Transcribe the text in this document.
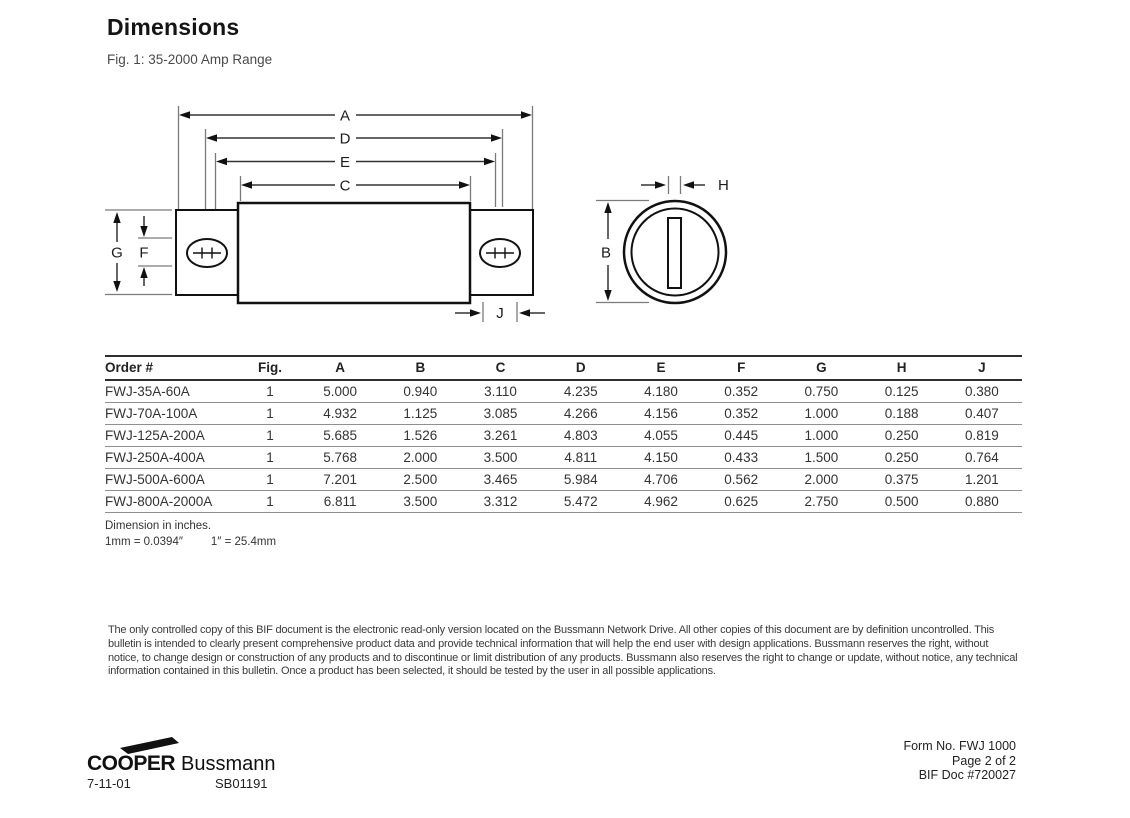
Dimensions
Fig. 1: 35-2000 Amp Range
A
D
E
C
G F
J
B
H
Order #	Fig.	A	B	C	D	E	F	G	H	J
FWJ-35A-60A	1	5.000	0.940	3.110	4.235	4.180	0.352	0.750	0.125	0.380
FWJ-70A-100A	1	4.932	1.125	3.085	4.266	4.156	0.352	1.000	0.188	0.407
FWJ-125A-200A	1	5.685	1.526	3.261	4.803	4.055	0.445	1.000	0.250	0.819
FWJ-250A-400A	1	5.768	2.000	3.500	4.811	4.150	0.433	1.500	0.250	0.764
FWJ-500A-600A	1	7.201	2.500	3.465	5.984	4.706	0.562	2.000	0.375	1.201
FWJ-800A-2000A	1	6.811	3.500	3.312	5.472	4.962	0.625	2.750	0.500	0.880
Dimension in inches.
1mm = 0.0394″ 1″ = 25.4mm

The only controlled copy of this BIF document is the electronic read-only version located on the Bussmann Network Drive. All other copies of this document are by definition uncontrolled. This bulletin is intended to clearly present comprehensive product data and provide technical information that will help the end user with design applications. Bussmann reserves the right, without notice, to change design or construction of any products and to discontinue or limit distribution of any products. Bussmann also reserves the right to change or update, without notice, any technical information contained in this bulletin. Once a product has been selected, it should be tested by the user in all possible applications.

COOPER Bussmann
7-11-01	SB01191
Form No. FWJ 1000
Page 2 of 2
BIF Doc #720027
